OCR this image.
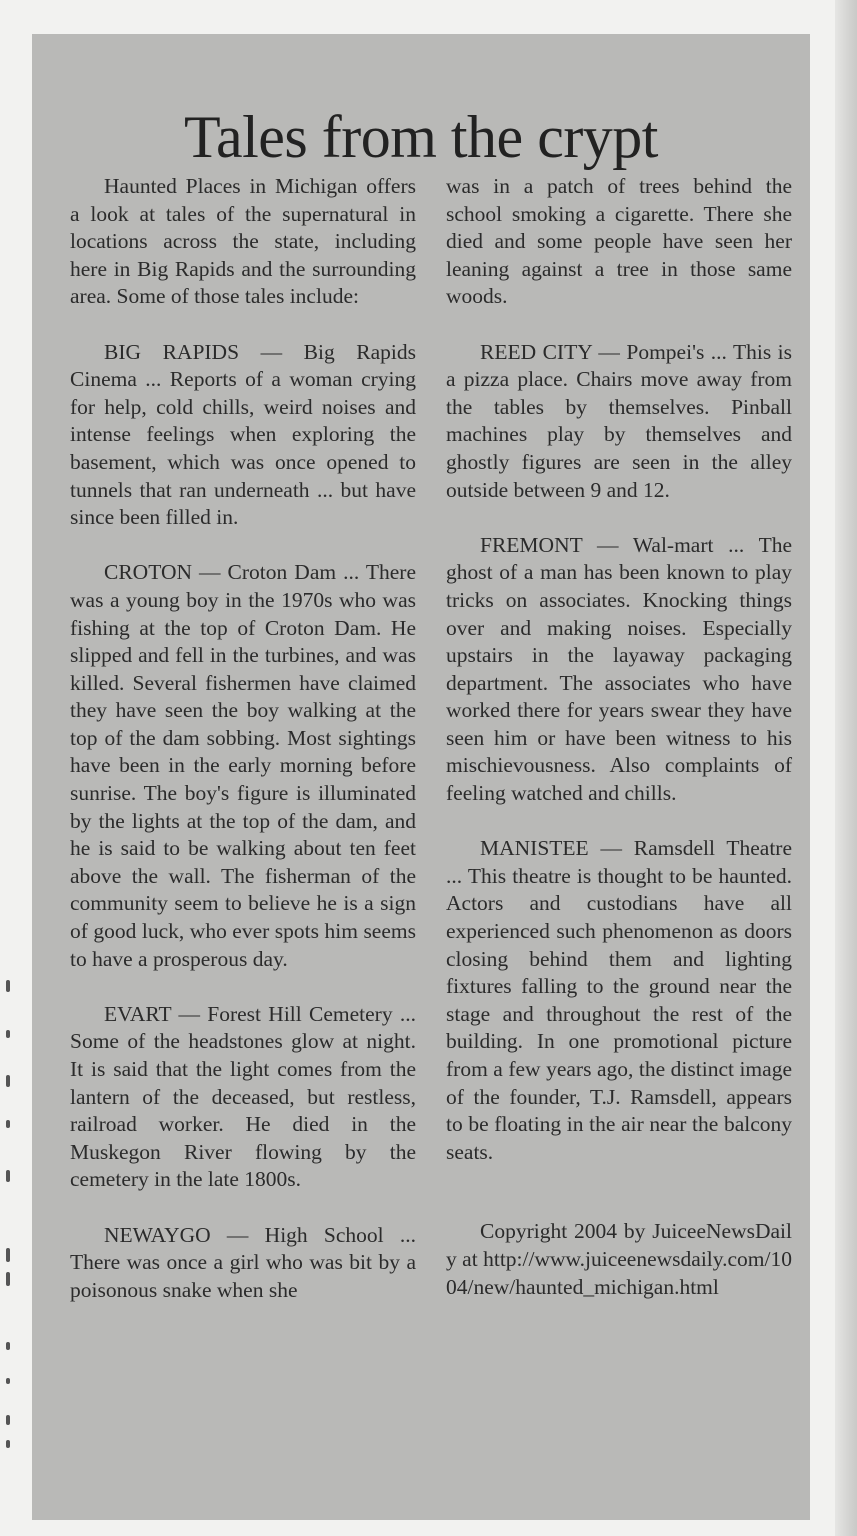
Tales from the crypt

Haunted Places in Michigan offers a look at tales of the supernatural in locations across the state, including here in Big Rapids and the surrounding area. Some of those tales include:

BIG RAPIDS — Big Rapids Cinema ... Reports of a woman crying for help, cold chills, weird noises and intense feelings when exploring the basement, which was once opened to tunnels that ran underneath ... but have since been filled in.

CROTON — Croton Dam ... There was a young boy in the 1970s who was fishing at the top of Croton Dam. He slipped and fell in the turbines, and was killed. Several fishermen have claimed they have seen the boy walking at the top of the dam sobbing. Most sightings have been in the early morning before sunrise. The boy's figure is illuminated by the lights at the top of the dam, and he is said to be walking about ten feet above the wall. The fisherman of the community seem to believe he is a sign of good luck, who ever spots him seems to have a prosperous day.

EVART — Forest Hill Cemetery ... Some of the headstones glow at night. It is said that the light comes from the lantern of the deceased, but restless, railroad worker. He died in the Muskegon River flowing by the cemetery in the late 1800s.

NEWAYGO — High School ... There was once a girl who was bit by a poisonous snake when she

was in a patch of trees behind the school smoking a cigarette. There she died and some people have seen her leaning against a tree in those same woods.

REED CITY — Pompei's ... This is a pizza place. Chairs move away from the tables by themselves. Pinball machines play by themselves and ghostly figures are seen in the alley outside between 9 and 12.

FREMONT — Wal-mart ... The ghost of a man has been known to play tricks on associates. Knocking things over and making noises. Especially upstairs in the layaway packaging department. The associates who have worked there for years swear they have seen him or have been witness to his mischievousness. Also complaints of feeling watched and chills.

MANISTEE — Ramsdell Theatre ... This theatre is thought to be haunted. Actors and custodians have all experienced such phenomenon as doors closing behind them and lighting fixtures falling to the ground near the stage and throughout the rest of the building. In one promotional picture from a few years ago, the distinct image of the founder, T.J. Ramsdell, appears to be floating in the air near the balcony seats.

Copyright 2004 by JuiceeNewsDaily at http://www.juiceenewsdaily.com/1004/new/haunted_michigan.html
